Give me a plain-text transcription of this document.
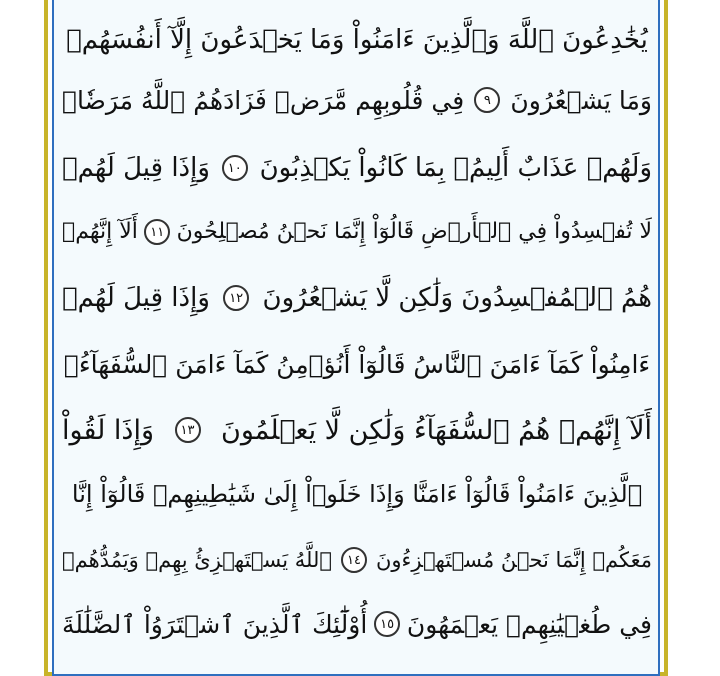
يُخَٰدِعُونَ ٱللَّهَ وَٱلَّذِينَ ءَامَنُواْ وَمَا يَخۡدَعُونَ إِلَّآ أَنفُسَهُمۡ
وَمَا يَشۡعُرُونَ
٩
فِي قُلُوبِهِم مَّرَضٞ فَزَادَهُمُ ٱللَّهُ مَرَضٗاۖ
وَلَهُمۡ عَذَابٌ أَلِيمُۢ بِمَا كَانُواْ يَكۡذِبُونَ
١٠
وَإِذَا قِيلَ لَهُمۡ
لَا تُفۡسِدُواْ فِي ٱلۡأَرۡضِ قَالُوٓاْ إِنَّمَا نَحۡنُ مُصۡلِحُونَ
١١
أَلَآ إِنَّهُمۡ
هُمُ ٱلۡمُفۡسِدُونَ وَلَٰكِن لَّا يَشۡعُرُونَ
١٢
وَإِذَا قِيلَ لَهُمۡ
ءَامِنُواْ كَمَآ ءَامَنَ ٱلنَّاسُ قَالُوٓاْ أَنُؤۡمِنُ كَمَآ ءَامَنَ ٱلسُّفَهَآءُۗ
أَلَآ إِنَّهُمۡ هُمُ ٱلسُّفَهَآءُ وَلَٰكِن لَّا يَعۡلَمُونَ
١٣
وَإِذَا لَقُواْ
ٱلَّذِينَ ءَامَنُواْ قَالُوٓاْ ءَامَنَّا وَإِذَا خَلَوۡاْ إِلَىٰ شَيَٰطِينِهِمۡ قَالُوٓاْ إِنَّا
مَعَكُمۡ إِنَّمَا نَحۡنُ مُسۡتَهۡزِءُونَ
١٤
ٱللَّهُ يَسۡتَهۡزِئُ بِهِمۡ وَيَمُدُّهُمۡ
فِي طُغۡيَٰنِهِمۡ يَعۡمَهُونَ
١٥
أُوْلَٰٓئِكَ ٱلَّذِينَ ٱشۡتَرَوُاْ ٱلضَّلَٰلَةَ
